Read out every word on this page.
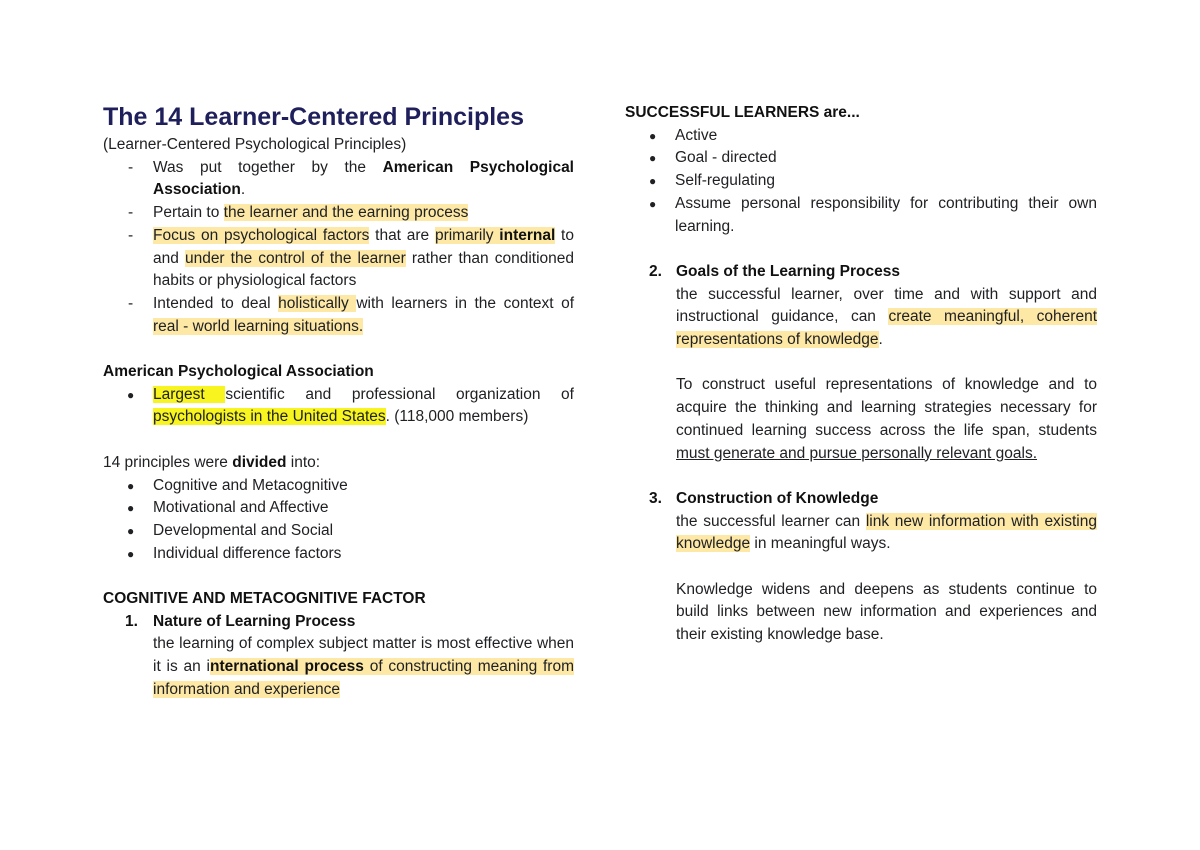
The 14 Learner-Centered Principles

(Learner-Centered Psychological Principles)

- Was put together by the American Psychological Association.
- Pertain to the learner and the earning process
- Focus on psychological factors that are primarily internal to and under the control of the learner rather than conditioned habits or physiological factors
- Intended to deal holistically with learners in the context of real - world learning situations.

American Psychological Association

● Largest scientific and professional organization of psychologists in the United States. (118,000 members)

14 principles were divided into:

● Cognitive and Metacognitive
● Motivational and Affective
● Developmental and Social
● Individual difference factors

COGNITIVE AND METACOGNITIVE FACTOR

1. Nature of Learning Process

the learning of complex subject matter is most effective when it is an international process of constructing meaning from information and experience

SUCCESSFUL LEARNERS are...

● Active
● Goal - directed
● Self-regulating
● Assume personal responsibility for contributing their own learning.
2. Goals of the Learning Process

the successful learner, over time and with support and instructional guidance, can create meaningful, coherent representations of knowledge.

To construct useful representations of knowledge and to acquire the thinking and learning strategies necessary for continued learning success across the life span, students must generate and pursue personally relevant goals.

3. Construction of Knowledge

the successful learner can link new information with existing knowledge in meaningful ways.

Knowledge widens and deepens as students continue to build links between new information and experiences and their existing knowledge base.
